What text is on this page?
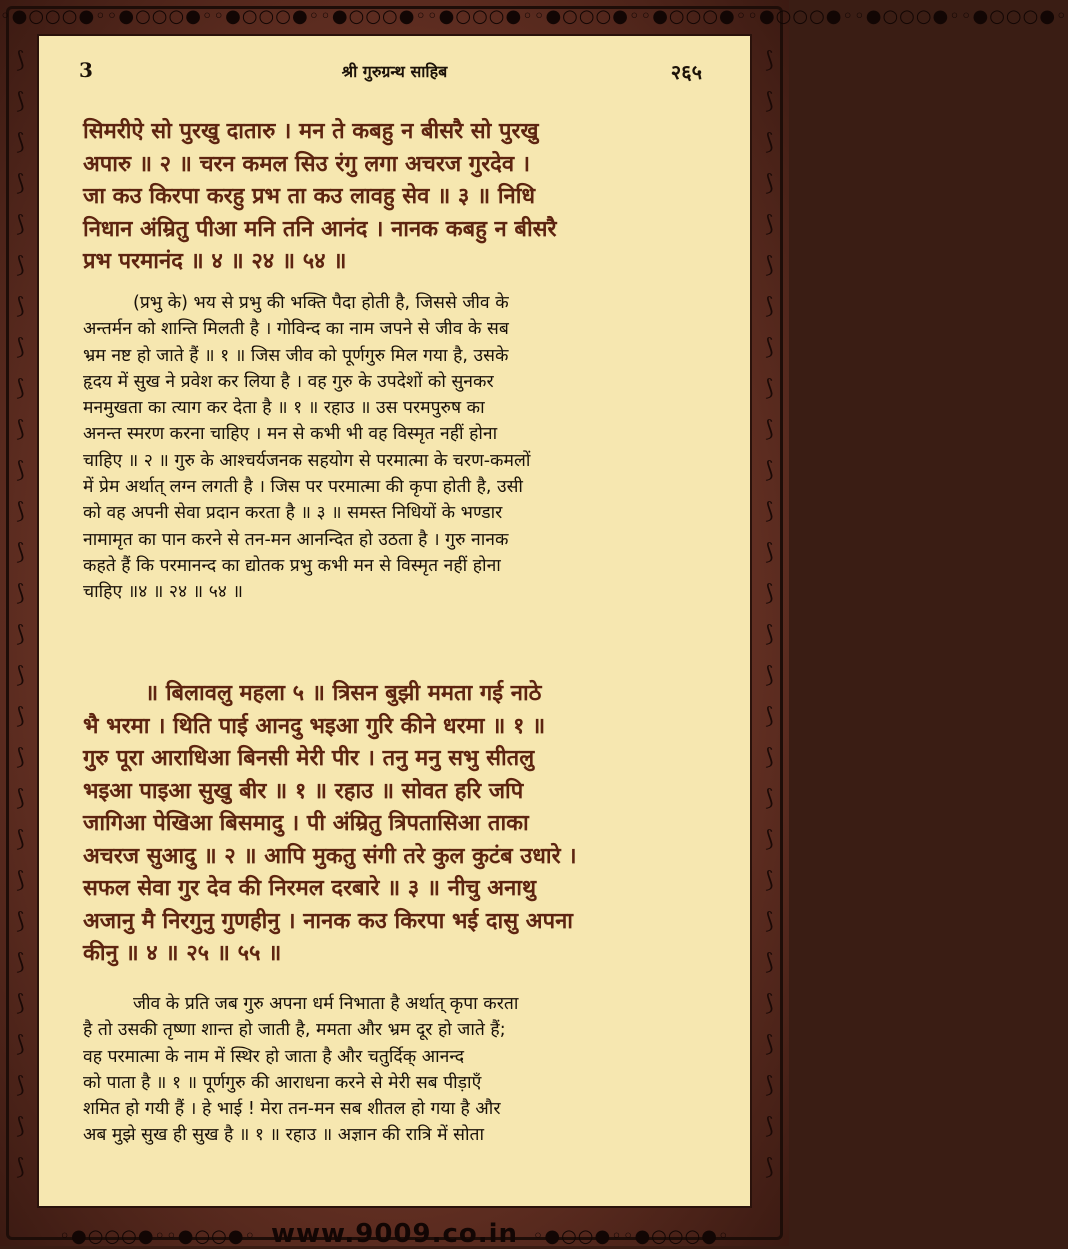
◦●○○○●◦◦●○○○●◦◦●○○○●◦◦●○○○●◦◦●○○○●◦◦●○○○●◦◦●○○○●◦◦●○○○●◦◦●○○○●◦◦●○○○●◦
⟆
⟆
⟆
⟆
⟆
⟆
⟆
⟆
⟆
⟆
⟆
⟆
⟆
⟆
⟆
⟆
⟆
⟆
⟆
⟆
⟆
⟆
⟆
⟆
⟆
⟆
⟆
⟆
⟆
⟆
⟆
⟆
⟆
⟆
⟆
⟆
⟆
⟆
⟆
⟆
⟆
⟆
⟆
⟆
⟆
⟆
⟆
⟆
⟆
⟆
⟆
⟆
⟆
⟆
⟆
⟆
◦●○○○●◦◦●○○●◦ www.9009.co.in ◦●○○●◦◦●○○○●◦
3	श्री गुरुग्रन्थ साहिब	२६५

सिमरीऐ सो पुरखु दातारु । मन ते कबहु न बीसरै सो पुरखु

अपारु ॥ २ ॥ चरन कमल सिउ रंगु लगा अचरज गुरदेव ।

जा कउ किरपा करहु प्रभ ता कउ लावहु सेव ॥ ३ ॥ निधि

निधान अंम्रितु पीआ मनि तनि आनंद । नानक कबहु न बीसरै

प्रभ परमानंद ॥ ४ ॥ २४ ॥ ५४ ॥

(प्रभु के) भय से प्रभु की भक्ति पैदा होती है, जिससे जीव के

अन्तर्मन को शान्ति मिलती है । गोविन्द का नाम जपने से जीव के सब

भ्रम नष्ट हो जाते हैं ॥ १ ॥ जिस जीव को पूर्णगुरु मिल गया है, उसके

हृदय में सुख ने प्रवेश कर लिया है । वह गुरु के उपदेशों को सुनकर

मनमुखता का त्याग कर देता है ॥ १ ॥ रहाउ ॥ उस परमपुरुष का

अनन्त स्मरण करना चाहिए । मन से कभी भी वह विस्मृत नहीं होना

चाहिए ॥ २ ॥ गुरु के आश्चर्यजनक सहयोग से परमात्मा के चरण-कमलों

में प्रेम अर्थात् लग्न लगती है । जिस पर परमात्मा की कृपा होती है, उसी

को वह अपनी सेवा प्रदान करता है ॥ ३ ॥ समस्त निधियों के भण्डार

नामामृत का पान करने से तन-मन आनन्दित हो उठता है । गुरु नानक

कहते हैं कि परमानन्द का द्योतक प्रभु कभी मन से विस्मृत नहीं होना

चाहिए ॥४ ॥ २४ ॥ ५४ ॥

॥ बिलावलु महला ५ ॥ त्रिसन बुझी ममता गई नाठे

भै भरमा । थिति पाई आनदु भइआ गुरि कीने धरमा ॥ १ ॥

गुरु पूरा आराधिआ बिनसी मेरी पीर । तनु मनु सभु सीतलु

भइआ पाइआ सुखु बीर ॥ १ ॥ रहाउ ॥ सोवत हरि जपि

जागिआ पेखिआ बिसमादु । पी अंम्रितु त्रिपतासिआ ताका

अचरज सुआदु ॥ २ ॥ आपि मुकतु संगी तरे कुल कुटंब उधारे ।

सफल सेवा गुर देव की निरमल दरबारे ॥ ३ ॥ नीचु अनाथु

अजानु मै निरगुनु गुणहीनु । नानक कउ किरपा भई दासु अपना

कीनु ॥ ४ ॥ २५ ॥ ५५ ॥

जीव के प्रति जब गुरु अपना धर्म निभाता है अर्थात् कृपा करता

है तो उसकी तृष्णा शान्त हो जाती है, ममता और भ्रम दूर हो जाते हैं;

वह परमात्मा के नाम में स्थिर हो जाता है और चतुर्दिक् आनन्द

को पाता है ॥ १ ॥ पूर्णगुरु की आराधना करने से मेरी सब पीड़ाएँ

शमित हो गयी हैं । हे भाई ! मेरा तन-मन सब शीतल हो गया है और

अब मुझे सुख ही सुख है ॥ १ ॥ रहाउ ॥ अज्ञान की रात्रि में सोता
